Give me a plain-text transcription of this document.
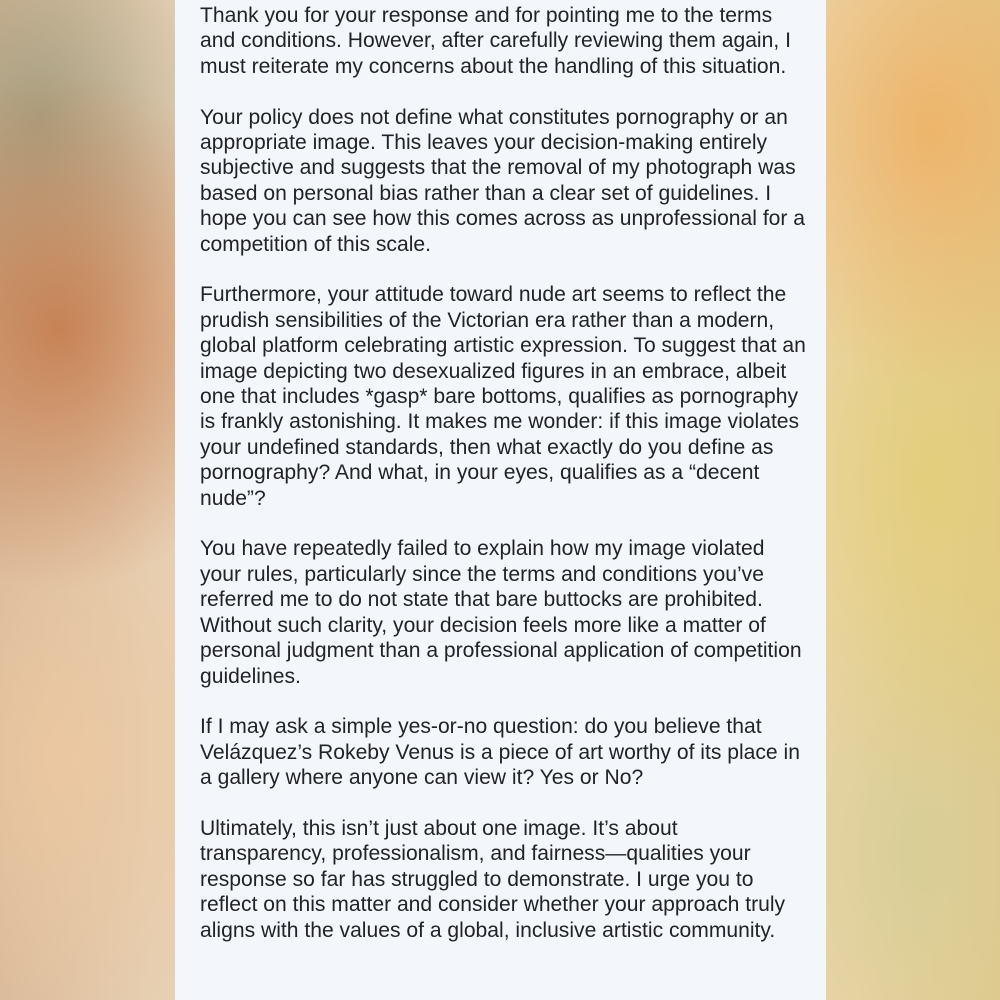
Thank you for your response and for pointing me to the terms and conditions. However, after carefully reviewing them again, I must reiterate my concerns about the handling of this situation.

Your policy does not define what constitutes pornography or an appropriate image. This leaves your decision-making entirely subjective and suggests that the removal of my photograph was based on personal bias rather than a clear set of guidelines. I hope you can see how this comes across as unprofessional for a competition of this scale.

Furthermore, your attitude toward nude art seems to reflect the prudish sensibilities of the Victorian era rather than a modern, global platform celebrating artistic expression. To suggest that an image depicting two desexualized figures in an embrace, albeit one that includes *gasp* bare bottoms, qualifies as pornography is frankly astonishing. It makes me wonder: if this image violates your undefined standards, then what exactly do you define as pornography? And what, in your eyes, qualifies as a “decent nude”?

You have repeatedly failed to explain how my image violated your rules, particularly since the terms and conditions you’ve referred me to do not state that bare buttocks are prohibited. Without such clarity, your decision feels more like a matter of personal judgment than a professional application of competition guidelines.

If I may ask a simple yes-or-no question: do you believe that Velázquez’s Rokeby Venus is a piece of art worthy of its place in a gallery where anyone can view it? Yes or No?

Ultimately, this isn’t just about one image. It’s about transparency, professionalism, and fairness—qualities your response so far has struggled to demonstrate. I urge you to reflect on this matter and consider whether your approach truly aligns with the values of a global, inclusive artistic community.
